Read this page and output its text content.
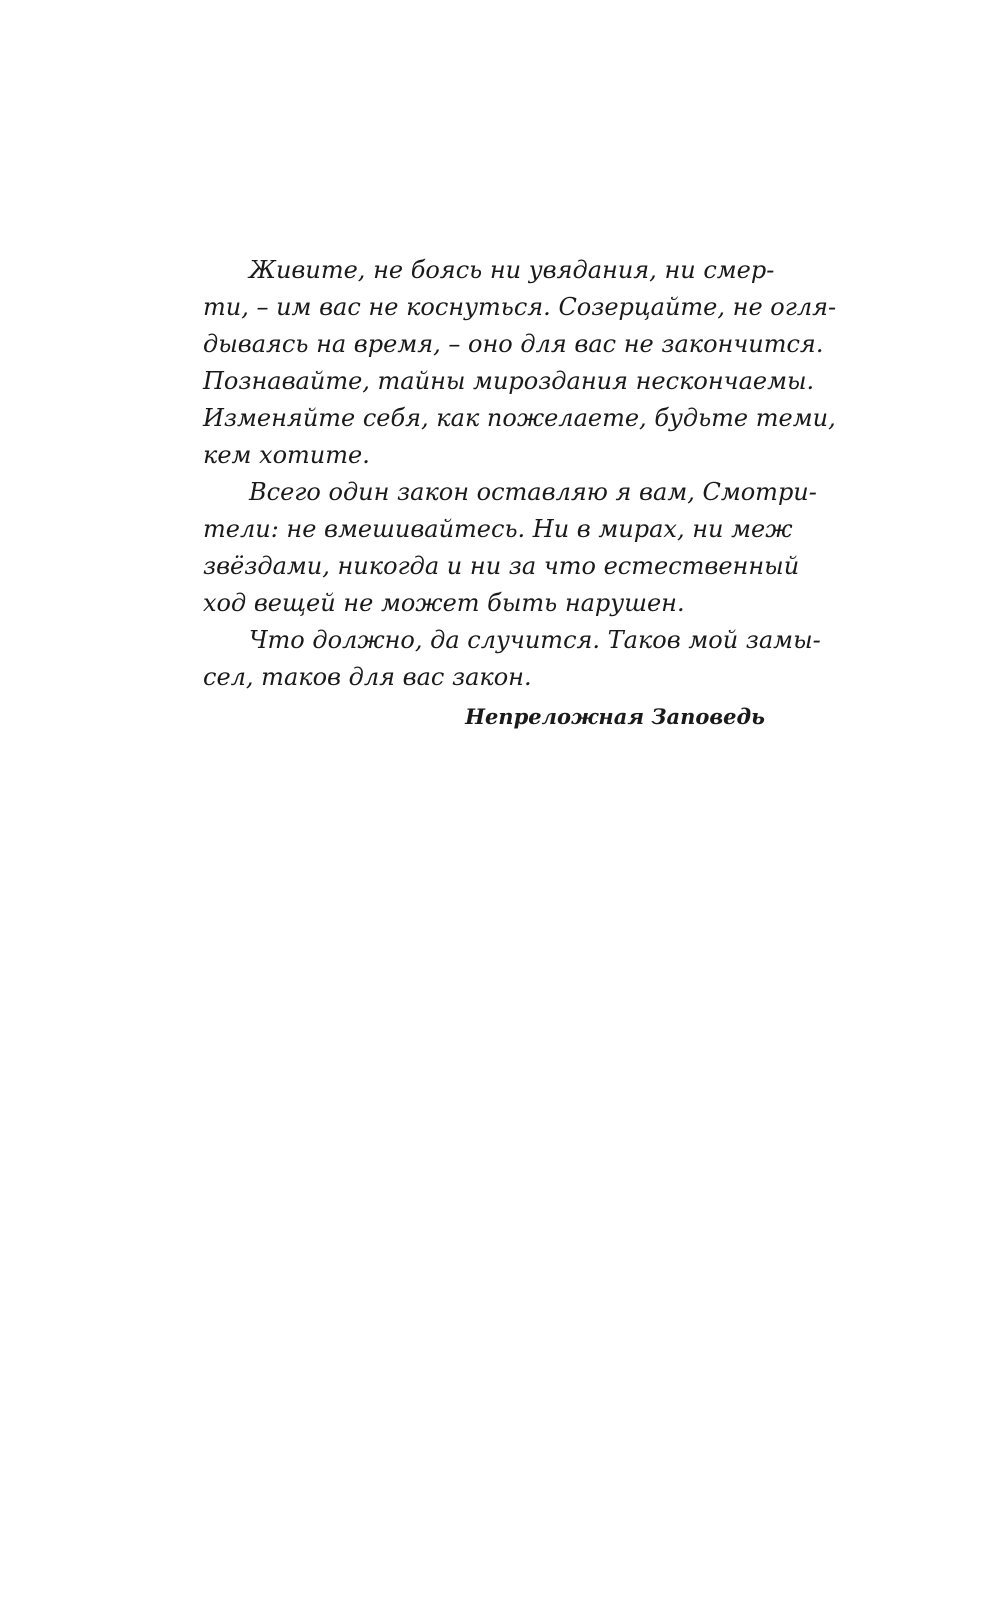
Живите, не боясь ни увядания, ни смер-
ти, – им вас не коснуться. Созерцайте, не огля-
дываясь на время, – оно для вас не закончится.
Познавайте, тайны мироздания нескончаемы.
Изменяйте себя, как пожелаете, будьте теми,
кем хотите.
Всего один закон оставляю я вам, Смотри-
тели: не вмешивайтесь. Ни в мирах, ни меж
звёздами, никогда и ни за что естественный
ход вещей не может быть нарушен.
Что должно, да случится. Таков мой замы-
сел, таков для вас закон.
Непреложная Заповедь
